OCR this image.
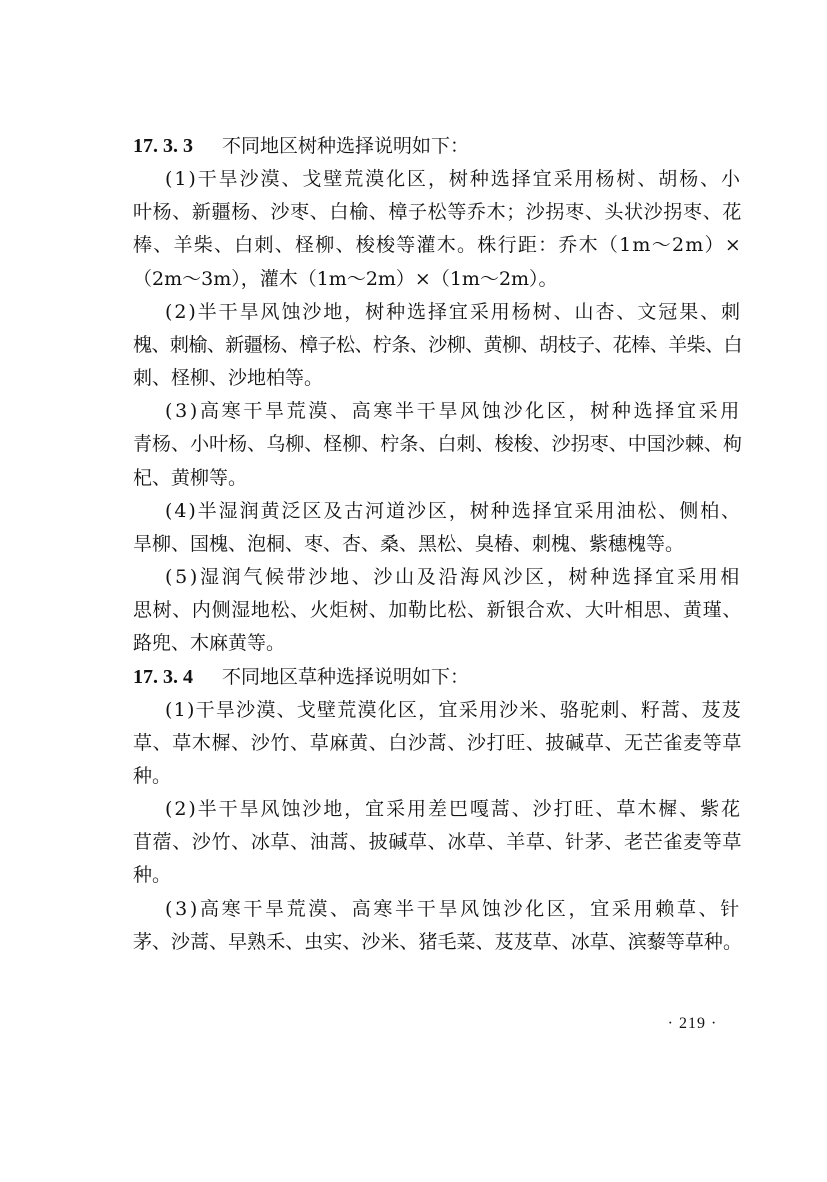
17. 3. 3 不同地区树种选择说明如下：
(1)干旱沙漠、戈壁荒漠化区，树种选择宜采用杨树、胡杨、小
叶杨、新疆杨、沙枣、白榆、樟子松等乔木；沙拐枣、头状沙拐枣、花
棒、羊柴、白刺、柽柳、梭梭等灌木。株行距：乔木（1m～2m）×
（2m～3m），灌木（1m～2m）×（1m～2m）。
(2)半干旱风蚀沙地，树种选择宜采用杨树、山杏、文冠果、刺
槐、刺榆、新疆杨、樟子松、柠条、沙柳、黄柳、胡枝子、花棒、羊柴、白
刺、柽柳、沙地柏等。
(3)高寒干旱荒漠、高寒半干旱风蚀沙化区，树种选择宜采用
青杨、小叶杨、乌柳、柽柳、柠条、白刺、梭梭、沙拐枣、中国沙棘、枸
杞、黄柳等。
(4)半湿润黄泛区及古河道沙区，树种选择宜采用油松、侧柏、
旱柳、国槐、泡桐、枣、杏、桑、黑松、臭椿、刺槐、紫穗槐等。
(5)湿润气候带沙地、沙山及沿海风沙区，树种选择宜采用相
思树、内侧湿地松、火炬树、加勒比松、新银合欢、大叶相思、黄瑾、
路兜、木麻黄等。
17. 3. 4 不同地区草种选择说明如下：
(1)干旱沙漠、戈壁荒漠化区，宜采用沙米、骆驼刺、籽蒿、芨芨
草、草木樨、沙竹、草麻黄、白沙蒿、沙打旺、披碱草、无芒雀麦等草
种。
(2)半干旱风蚀沙地，宜采用差巴嘎蒿、沙打旺、草木樨、紫花
苜蓿、沙竹、冰草、油蒿、披碱草、冰草、羊草、针茅、老芒雀麦等草
种。
(3)高寒干旱荒漠、高寒半干旱风蚀沙化区，宜采用赖草、针
茅、沙蒿、早熟禾、虫实、沙米、猪毛菜、芨芨草、冰草、滨藜等草种。
· 219 ·
